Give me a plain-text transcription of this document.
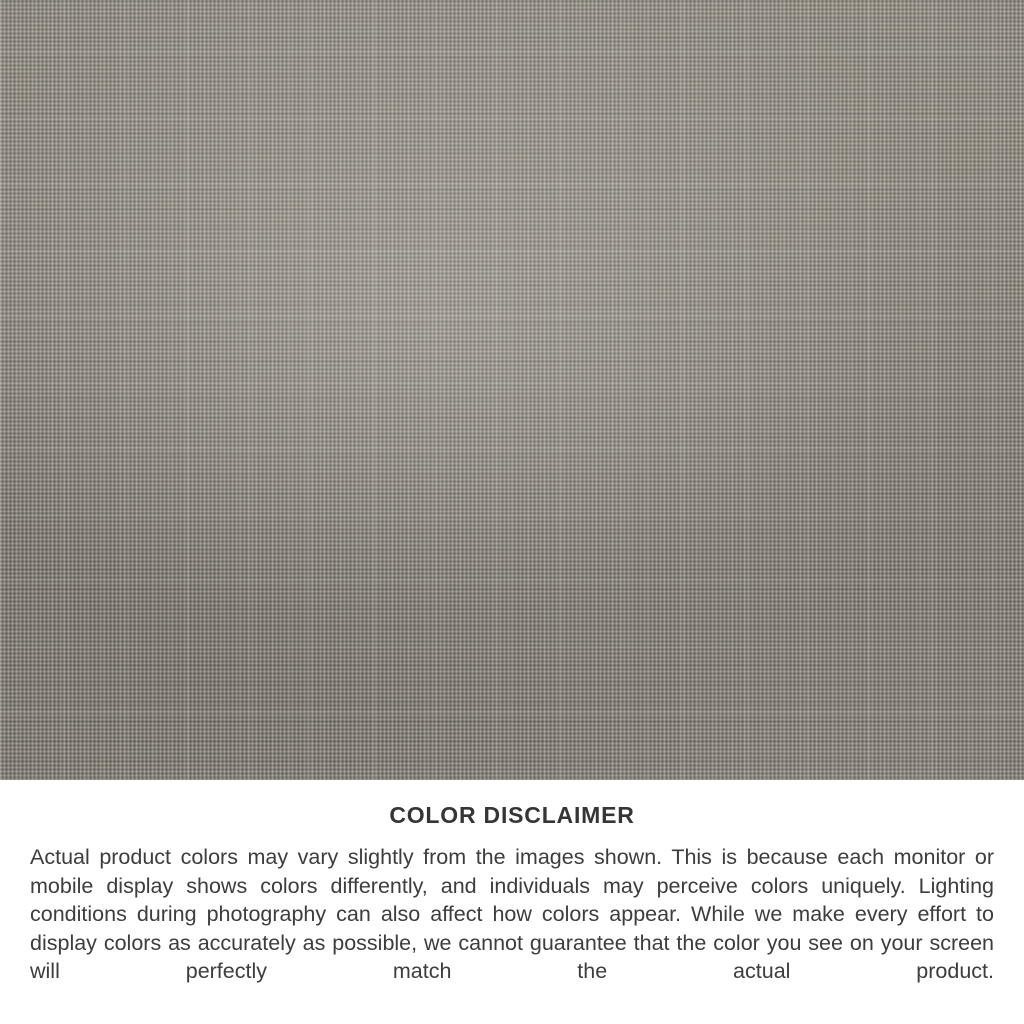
COLOR DISCLAIMER
Actual product colors may vary slightly from the images shown. This is because each monitor or mobile display shows colors differently, and individuals may perceive colors uniquely. Lighting conditions during photography can also affect how colors appear. While we make every effort to display colors as accurately as possible, we cannot guarantee that the color you see on your screen will perfectly match the actual product.
